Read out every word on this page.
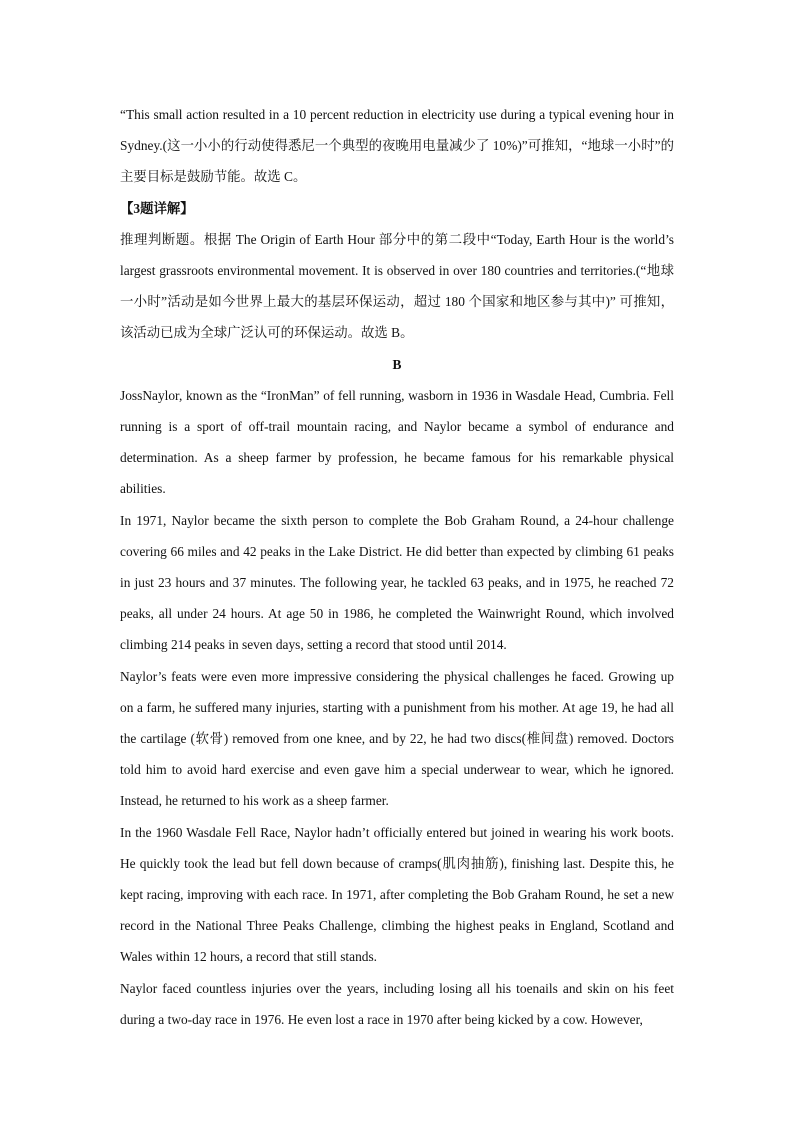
“This small action resulted in a 10 percent reduction in electricity use during a typical evening hour in Sydney.(这一小小的行动使得悉尼一个典型的夜晚用电量减少了 10%)”可推知，“地球一小时”的主要目标是鼓励节能。故选 C。

【3题详解】

推理判断题。根据 The Origin of Earth Hour 部分中的第二段中“Today, Earth Hour is the world’s largest grassroots environmental movement. It is observed in over 180 countries and territories.(“地球一小时”活动是如今世界上最大的基层环保运动，超过 180 个国家和地区参与其中)” 可推知，该活动已成为全球广泛认可的环保运动。故选 B。

B

JossNaylor, known as the “IronMan” of fell running, wasborn in 1936 in Wasdale Head, Cumbria. Fell running is a sport of off-trail mountain racing, and Naylor became a symbol of endurance and determination. As a sheep farmer by profession, he became famous for his remarkable physical abilities.

In 1971, Naylor became the sixth person to complete the Bob Graham Round, a 24-hour challenge covering 66 miles and 42 peaks in the Lake District. He did better than expected by climbing 61 peaks in just 23 hours and 37 minutes. The following year, he tackled 63 peaks, and in 1975, he reached 72 peaks, all under 24 hours. At age 50 in 1986, he completed the Wainwright Round, which involved climbing 214 peaks in seven days, setting a record that stood until 2014.

Naylor’s feats were even more impressive considering the physical challenges he faced. Growing up on a farm, he suffered many injuries, starting with a punishment from his mother. At age 19, he had all the cartilage (软骨) removed from one knee, and by 22, he had two discs(椎间盘) removed. Doctors told him to avoid hard exercise and even gave him a special underwear to wear, which he ignored. Instead, he returned to his work as a sheep farmer.

In the 1960 Wasdale Fell Race, Naylor hadn’t officially entered but joined in wearing his work boots. He quickly took the lead but fell down because of cramps(肌肉抽筋), finishing last. Despite this, he kept racing, improving with each race. In 1971, after completing the Bob Graham Round, he set a new record in the National Three Peaks Challenge, climbing the highest peaks in England, Scotland and Wales within 12 hours, a record that still stands.

Naylor faced countless injuries over the years, including losing all his toenails and skin on his feet during a two-day race in 1976. He even lost a race in 1970 after being kicked by a cow. However,
